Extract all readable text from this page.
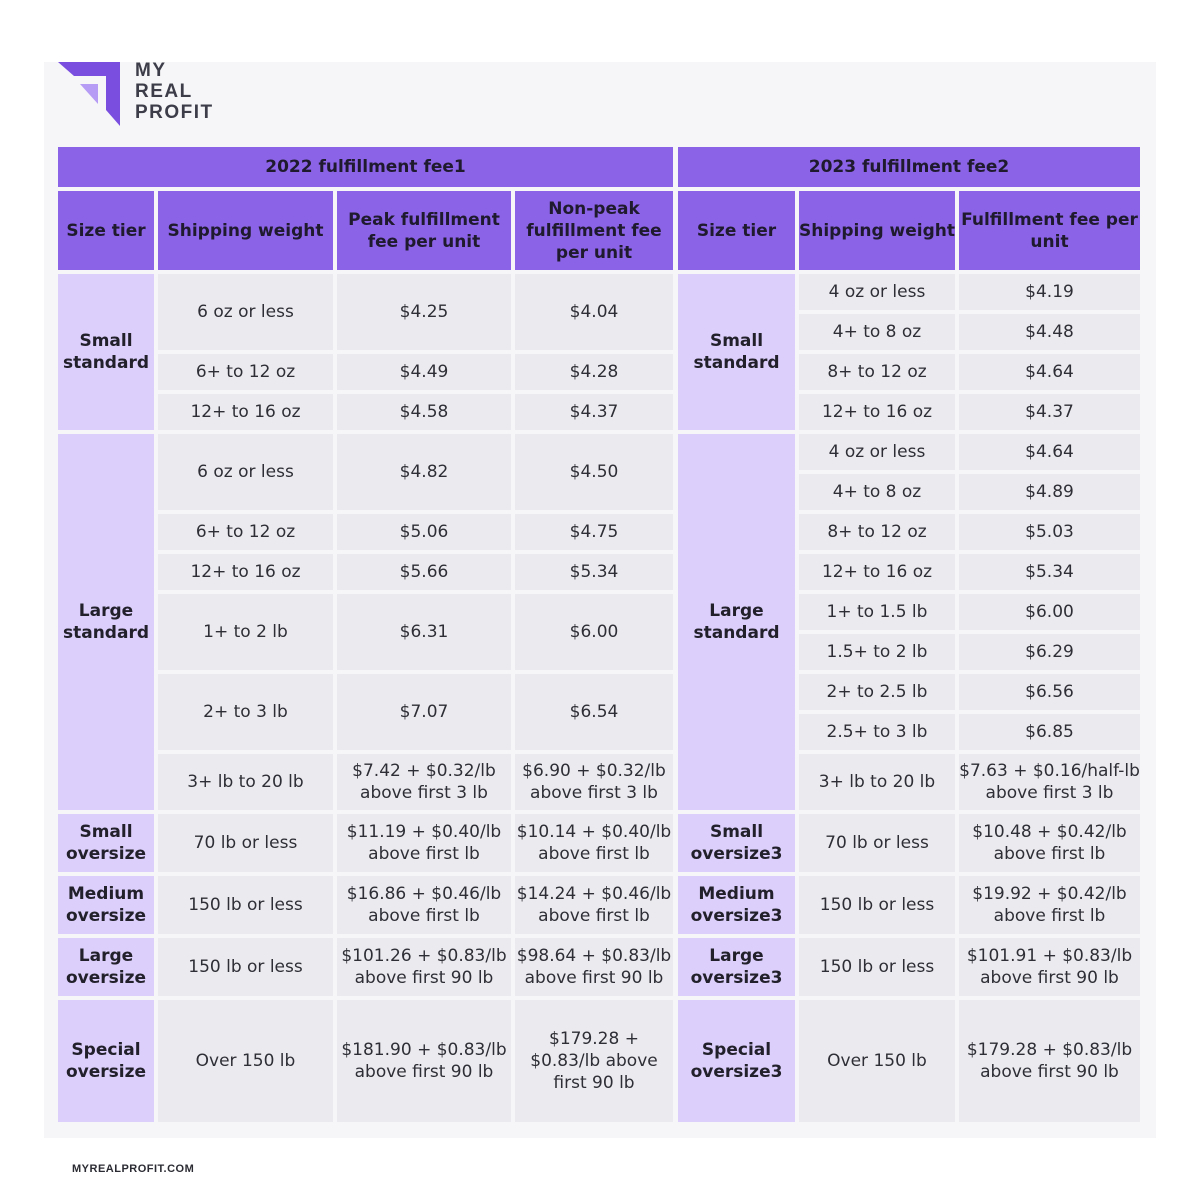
MY
REAL
PROFIT
2022 fulfillment fee1			
Size tier	Shipping weight	Peak fulfillment fee per unit	Non-peak fulfillment fee per unit
Small standard	6 oz or less	$4.25	$4.04
	6+ to 12 oz	$4.49	$4.28
	12+ to 16 oz	$4.58	$4.37
Large standard	6 oz or less	$4.82	$4.50
	6+ to 12 oz	$5.06	$4.75
	12+ to 16 oz	$5.66	$5.34
	1+ to 2 lb	$6.31	$6.00
	2+ to 3 lb	$7.07	$6.54
	3+ lb to 20 lb	$7.42 + $0.32/lb above first 3 lb	$6.90 + $0.32/lb above first 3 lb
Small oversize	70 lb or less	$11.19 + $0.40/lb above first lb	$10.14 + $0.40/lb above first lb
Medium oversize	150 lb or less	$16.86 + $0.46/lb above first lb	$14.24 + $0.46/lb above first lb
Large oversize	150 lb or less	$101.26 + $0.83/lb above first 90 lb	$98.64 + $0.83/lb above first 90 lb
Special oversize	Over 150 lb	$181.90 + $0.83/lb above first 90 lb	$179.28 + $0.83/lb above first 90 lb
2023 fulfillment fee2		
Size tier	Shipping weight	Fulfillment fee per unit
Small standard	4 oz or less	$4.19
	4+ to 8 oz	$4.48
	8+ to 12 oz	$4.64
	12+ to 16 oz	$4.37
Large standard	4 oz or less	$4.64
	4+ to 8 oz	$4.89
	8+ to 12 oz	$5.03
	12+ to 16 oz	$5.34
	1+ to 1.5 lb	$6.00
	1.5+ to 2 lb	$6.29
	2+ to 2.5 lb	$6.56
	2.5+ to 3 lb	$6.85
	3+ lb to 20 lb	$7.63 + $0.16/half-lb above first 3 lb
Small oversize3	70 lb or less	$10.48 + $0.42/lb above first lb
Medium oversize3	150 lb or less	$19.92 + $0.42/lb above first lb
Large oversize3	150 lb or less	$101.91 + $0.83/lb above first 90 lb
Special oversize3	Over 150 lb	$179.28 + $0.83/lb above first 90 lb
MYREALPROFIT.COM
